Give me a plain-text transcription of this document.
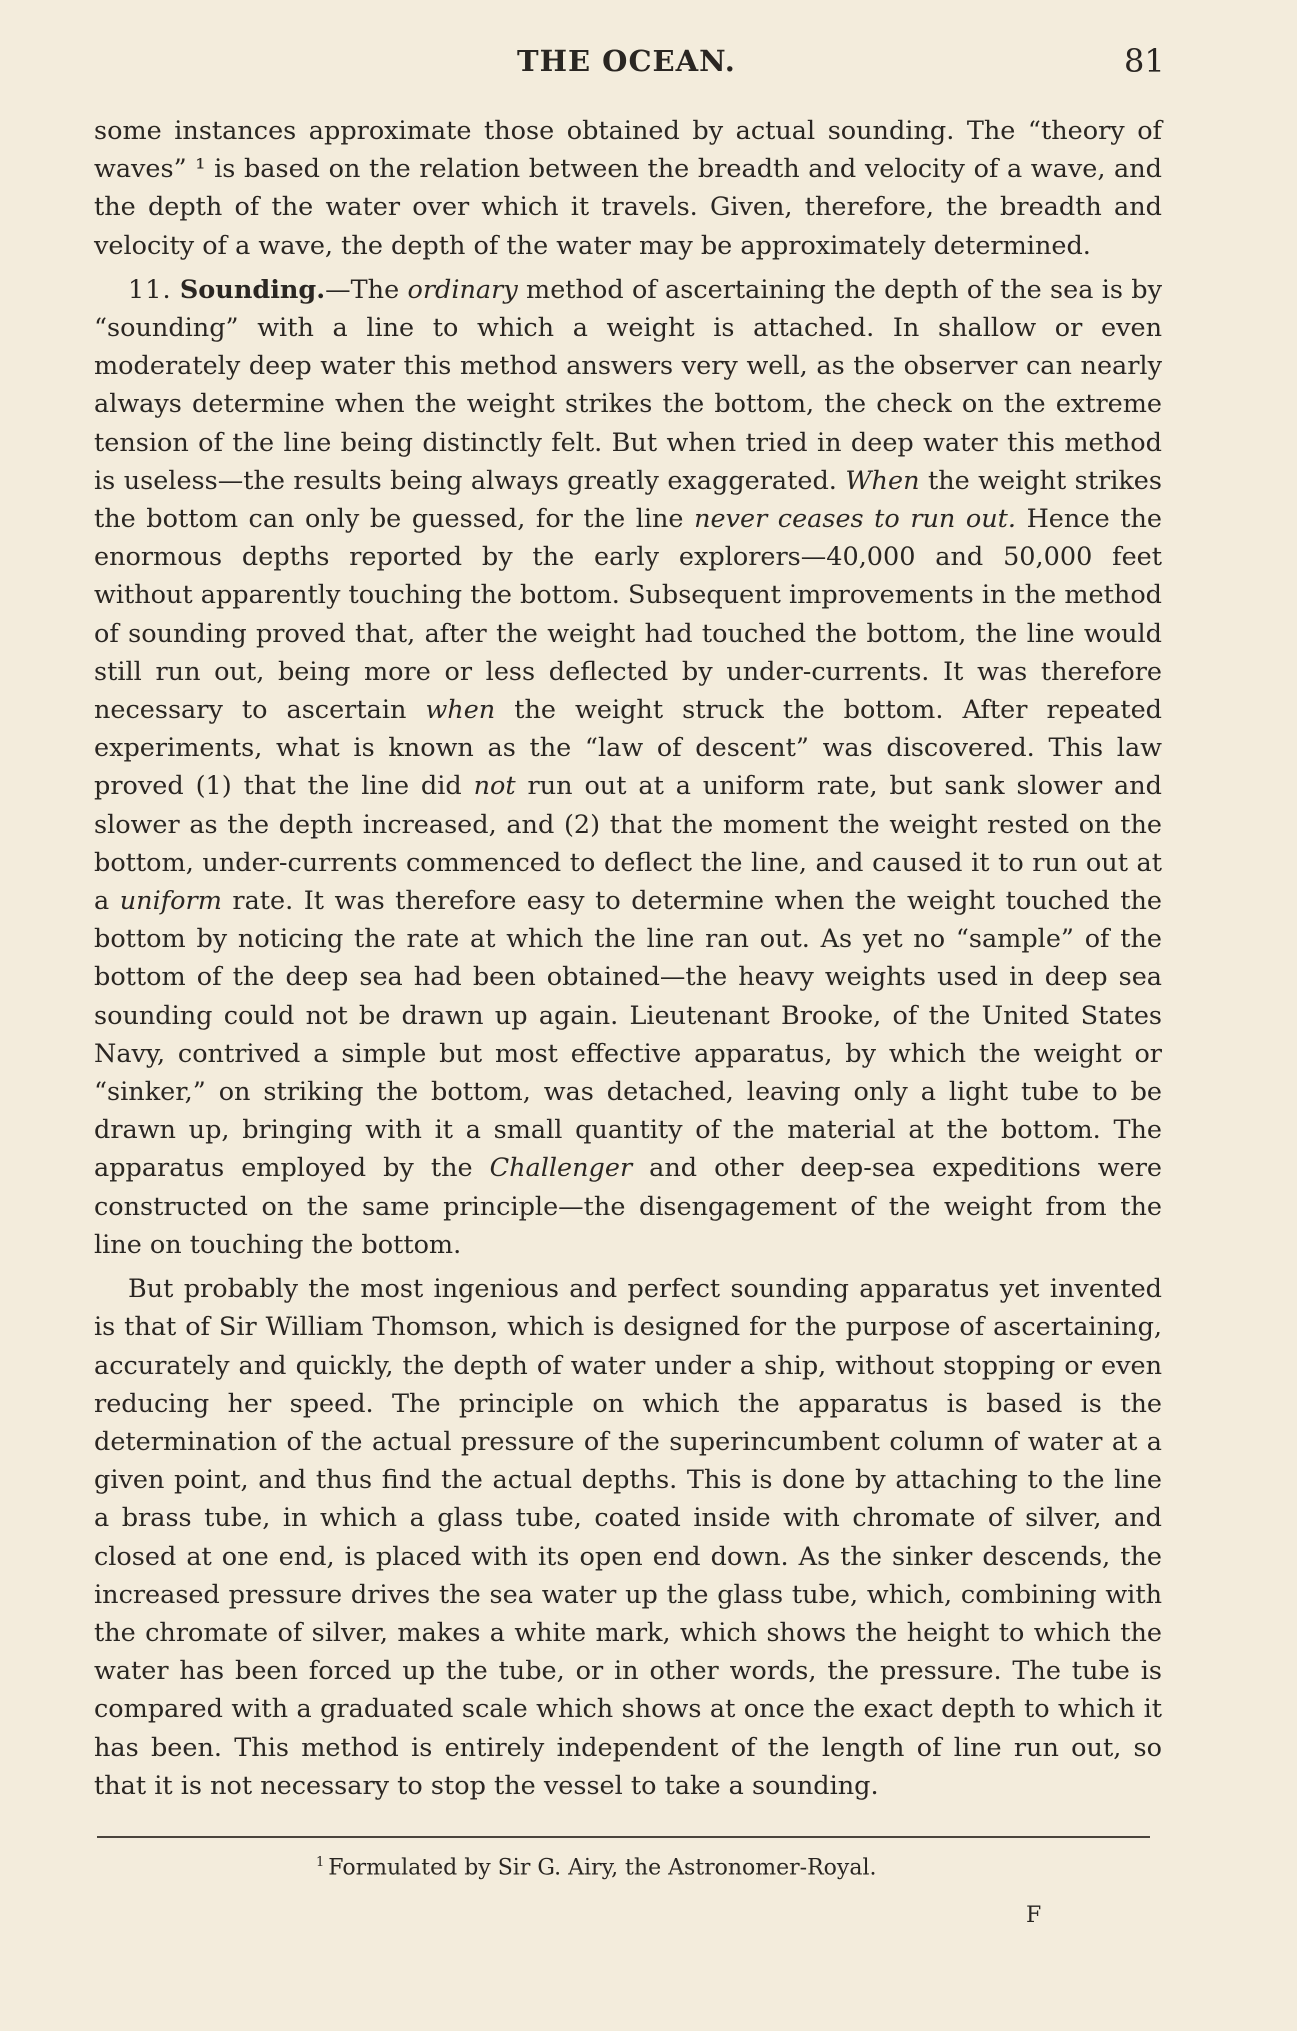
THE OCEAN.	81

some instances approximate those obtained by actual sounding. The “theory of waves” ¹ is based on the relation between the breadth and velocity of a wave, and the depth of the water over which it travels. Given, therefore, the breadth and velocity of a wave, the depth of the water may be approximately determined.

11. Sounding.—The ordinary method of ascertaining the depth of the sea is by “sounding” with a line to which a weight is attached. In shallow or even moderately deep water this method answers very well, as the observer can nearly always determine when the weight strikes the bottom, the check on the extreme tension of the line being distinctly felt. But when tried in deep water this method is useless—the results being always greatly exaggerated. When the weight strikes the bottom can only be guessed, for the line never ceases to run out. Hence the enormous depths reported by the early explorers—40,000 and 50,000 feet without apparently touching the bottom. Subsequent improvements in the method of sounding proved that, after the weight had touched the bottom, the line would still run out, being more or less deflected by under-currents. It was therefore necessary to ascertain when the weight struck the bottom. After repeated experiments, what is known as the “law of descent” was discovered. This law proved (1) that the line did not run out at a uniform rate, but sank slower and slower as the depth increased, and (2) that the moment the weight rested on the bottom, under-currents commenced to deflect the line, and caused it to run out at a uniform rate. It was therefore easy to determine when the weight touched the bottom by noticing the rate at which the line ran out. As yet no “sample” of the bottom of the deep sea had been obtained—the heavy weights used in deep sea sounding could not be drawn up again. Lieutenant Brooke, of the United States Navy, contrived a simple but most effective apparatus, by which the weight or “sinker,” on striking the bottom, was detached, leaving only a light tube to be drawn up, bringing with it a small quantity of the material at the bottom. The apparatus employed by the Challenger and other deep-sea expeditions were constructed on the same principle—the disengagement of the weight from the line on touching the bottom.

But probably the most ingenious and perfect sounding apparatus yet invented is that of Sir William Thomson, which is designed for the purpose of ascertaining, accurately and quickly, the depth of water under a ship, without stopping or even reducing her speed. The principle on which the apparatus is based is the determination of the actual pressure of the superincumbent column of water at a given point, and thus find the actual depths. This is done by attaching to the line a brass tube, in which a glass tube, coated inside with chromate of silver, and closed at one end, is placed with its open end down. As the sinker descends, the increased pressure drives the sea water up the glass tube, which, combining with the chromate of silver, makes a white mark, which shows the height to which the water has been forced up the tube, or in other words, the pressure. The tube is compared with a graduated scale which shows at once the exact depth to which it has been. This method is entirely independent of the length of line run out, so that it is not necessary to stop the vessel to take a sounding.

$^1$ Formulated by Sir G. Airy, the Astronomer-Royal.
F
